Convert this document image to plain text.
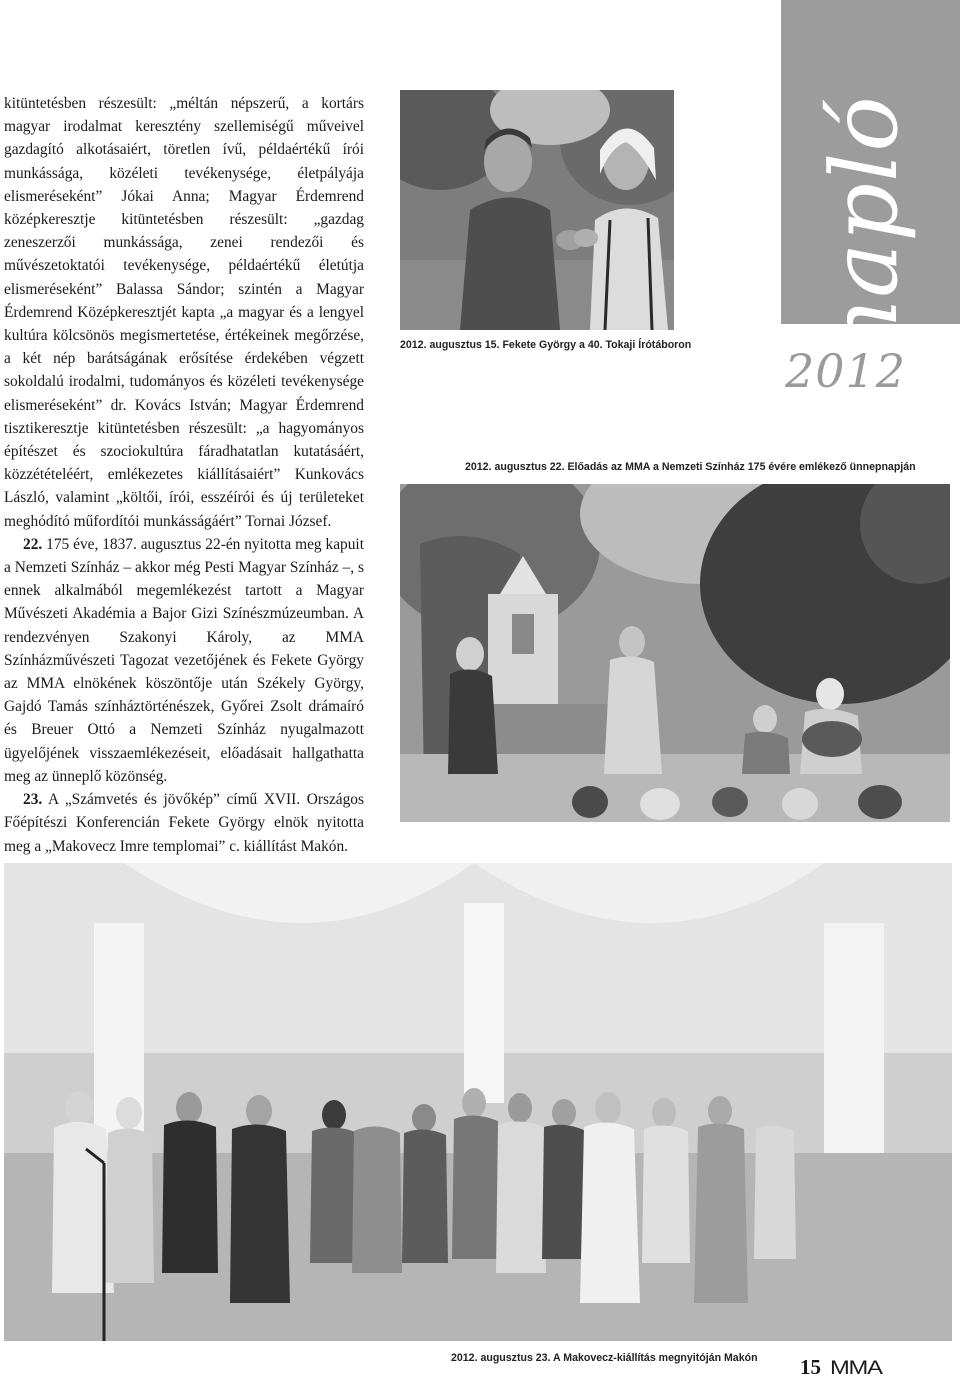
napló
2012

kitüntetésben részesült: „méltán népszerű, a kortárs magyar irodalmat keresztény szellemiségű műveivel gazdagító alkotásaiért, töretlen ívű, példaértékű írói munkássága, közéleti tevékenysége, életpályája elismeréseként” Jókai Anna; Magyar Érdemrend középkeresztje kitüntetésben részesült: „gazdag zeneszerzői munkássága, zenei rendezői és művészetoktatói tevékenysége, példaértékű életútja elismeréseként” Balassa Sándor; szintén a Magyar Érdemrend Középkeresztjét kapta „a magyar és a lengyel kultúra kölcsönös megismertetése, értékeinek megőrzése, a két nép barátságának erősítése érdekében végzett sokoldalú irodalmi, tudományos és közéleti tevékenysége elismeréseként” dr. Kovács István; Magyar Érdemrend tisztikeresztje kitüntetésben részesült: „a hagyományos építészet és szociokultúra fáradhatatlan kutatásáért, közzétételéért, emlékezetes kiállításaiért” Kunkovács László, valamint „költői, írói, esszéírói és új területeket meghódító műfordítói munkásságáért” Tornai József.

22. 175 éve, 1837. augusztus 22-én nyitotta meg kapuit a Nemzeti Színház – akkor még Pesti Magyar Színház –, s ennek alkalmából megemlékezést tartott a Magyar Művészeti Akadémia a Bajor Gizi Színészmúzeumban. A rendezvényen Szakonyi Károly, az MMA Színházművészeti Tagozat vezetőjének és Fekete György az MMA elnökének köszöntője után Székely György, Gajdó Tamás színháztörténészek, Győrei Zsolt drámaíró és Breuer Ottó a Nemzeti Színház nyugalmazott ügyelőjének visszaemlékezéseit, előadásait hallgathatta meg az ünneplő közönség.

23. A „Számvetés és jövőkép” című XVII. Országos Főépítészi Konferencián Fekete György elnök nyitotta meg a „Makovecz Imre templomai” c. kiállítást Makón.

2012. augusztus 15. Fekete György a 40. Tokaji Írótáboron
2012. augusztus 22. Előadás az MMA a Nemzeti Színház 175 évére emlékező ünnepnapján
2012. augusztus 23. A Makovecz-kiállítás megnyitóján Makón 15 MMA
